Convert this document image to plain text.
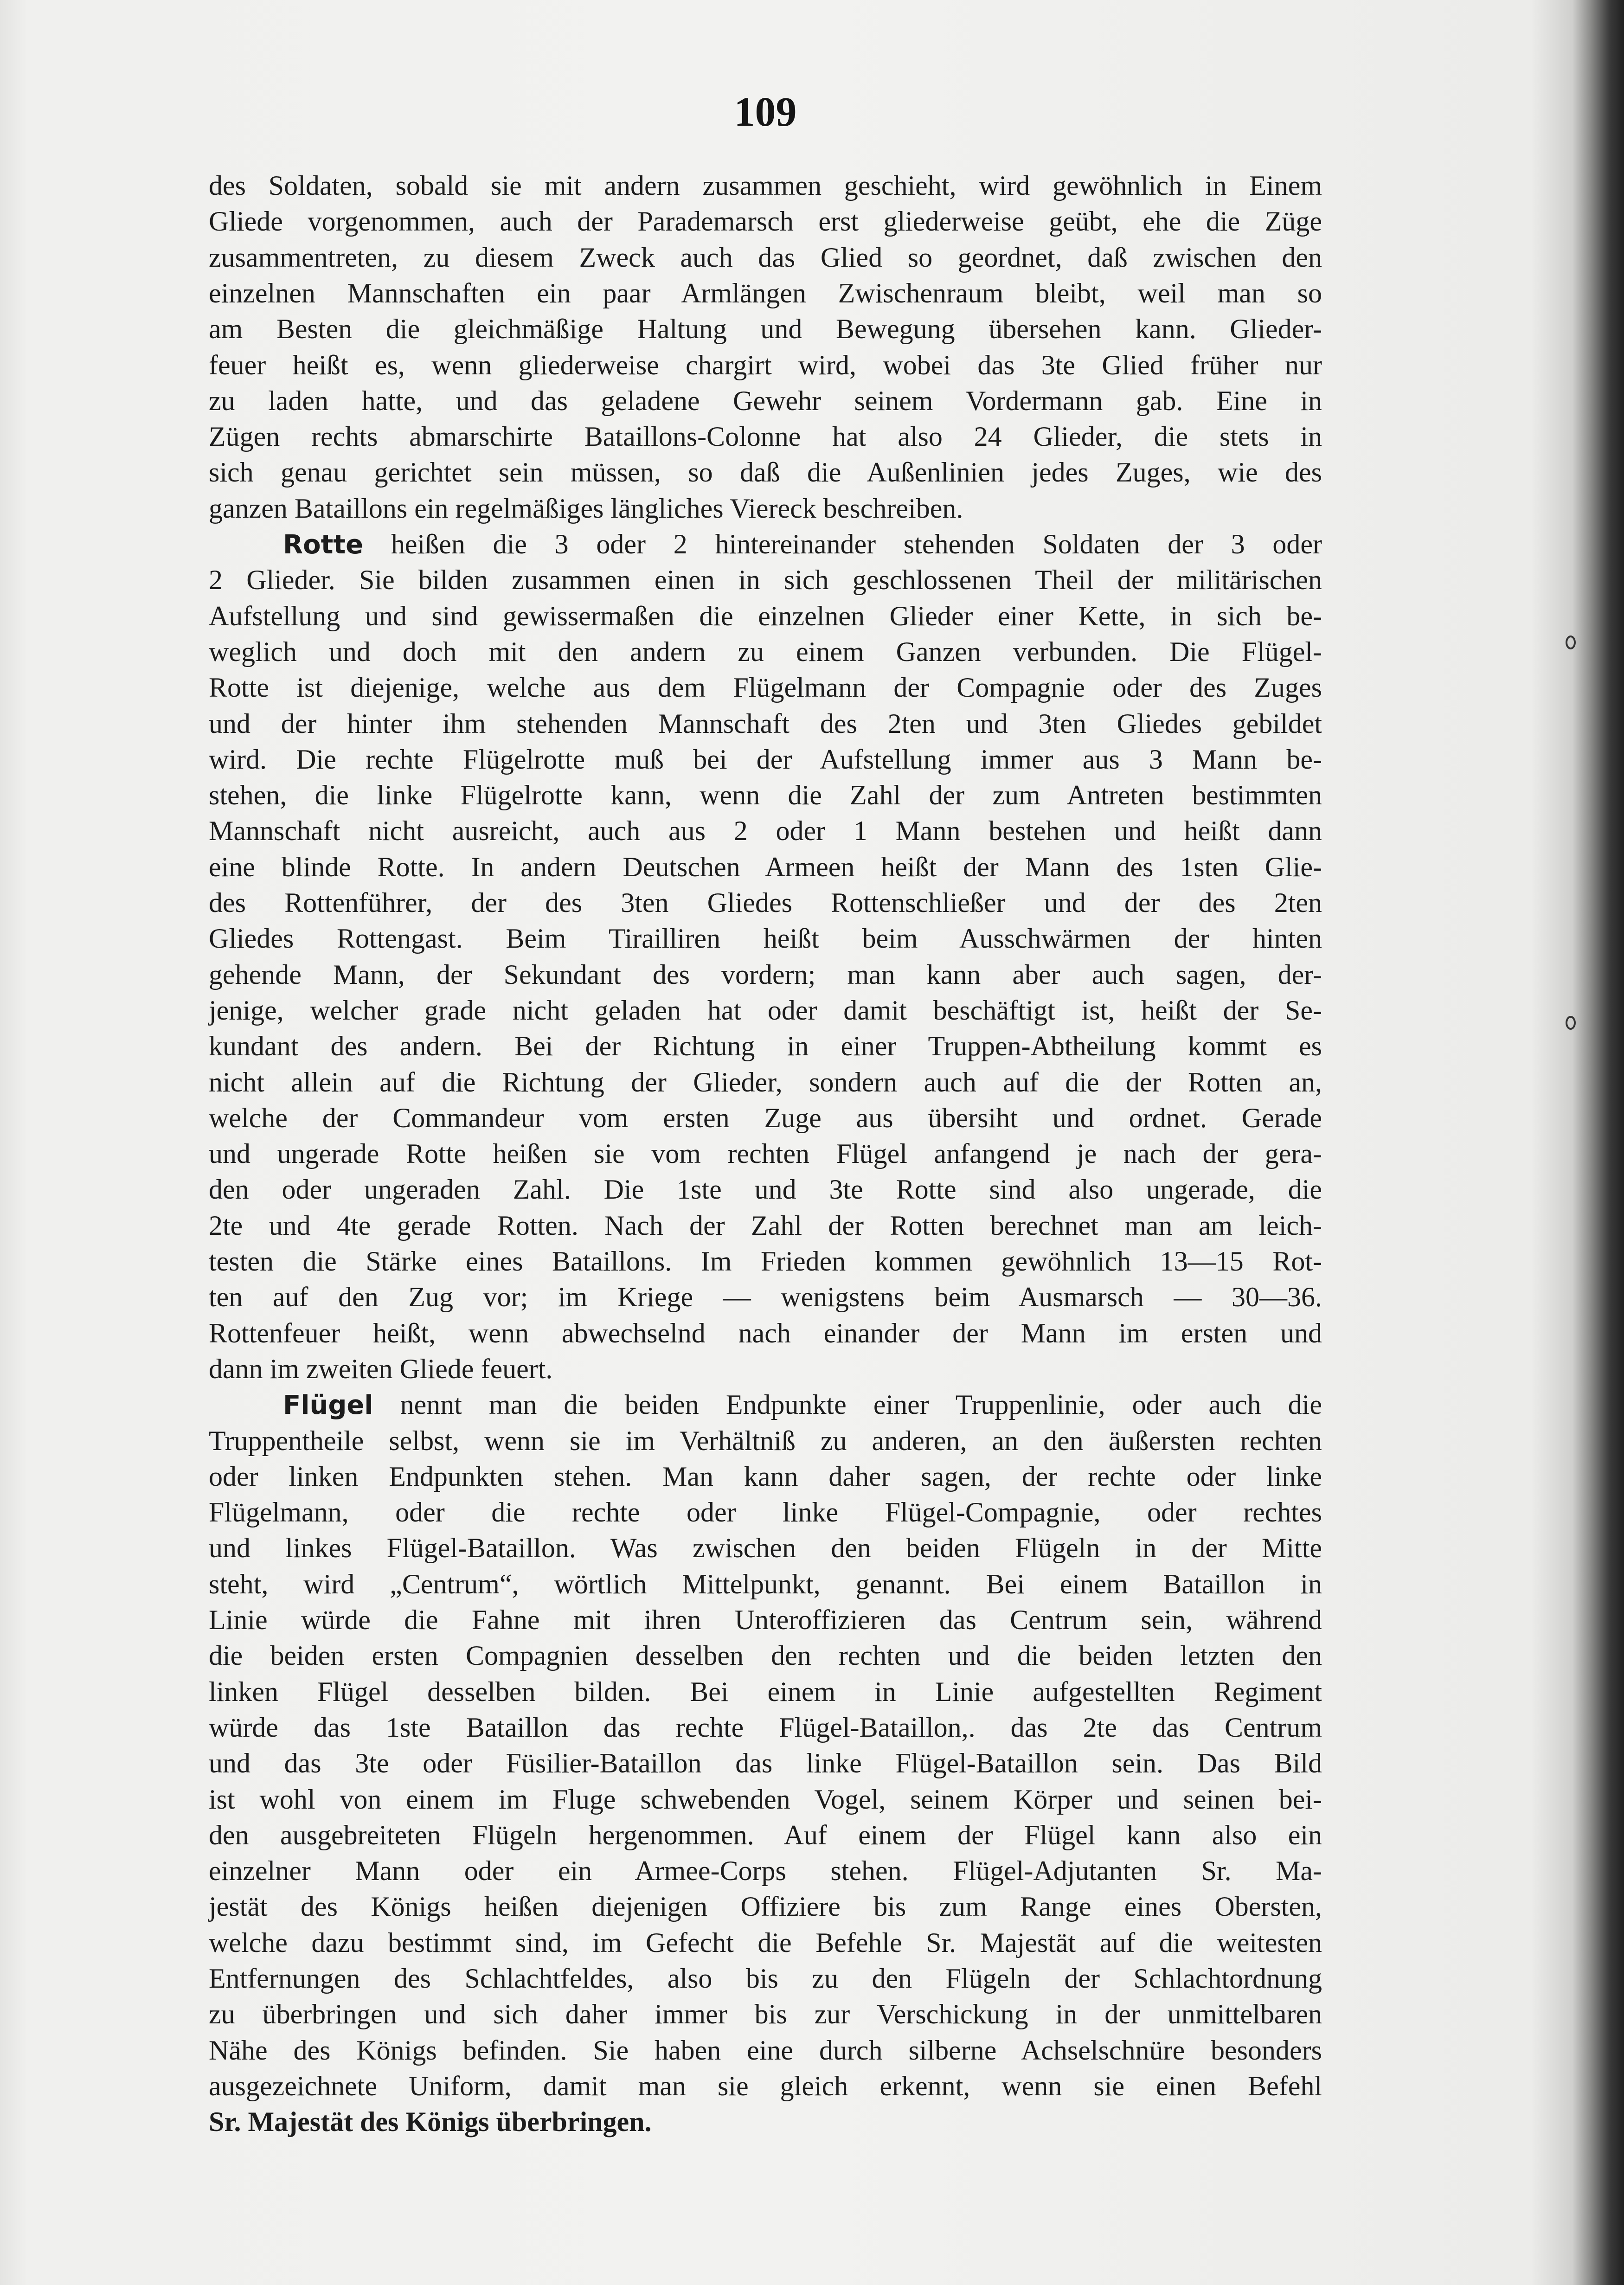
109
des Soldaten, sobald sie mit andern zusammen geschieht, wird gewöhnlich in Einem
Gliede vorgenommen, auch der Parademarsch erst gliederweise geübt, ehe die Züge
zusammentreten, zu diesem Zweck auch das Glied so geordnet, daß zwischen den
einzelnen Mannschaften ein paar Armlängen Zwischenraum bleibt, weil man so
am Besten die gleichmäßige Haltung und Bewegung übersehen kann. Glieder-
feuer heißt es, wenn gliederweise chargirt wird, wobei das 3te Glied früher nur
zu laden hatte, und das geladene Gewehr seinem Vordermann gab. Eine in
Zügen rechts abmarschirte Bataillons-Colonne hat also 24 Glieder, die stets in
sich genau gerichtet sein müssen, so daß die Außenlinien jedes Zuges, wie des
ganzen Bataillons ein regelmäßiges längliches Viereck beschreiben.
Rotte heißen die 3 oder 2 hintereinander stehenden Soldaten der 3 oder
2 Glieder. Sie bilden zusammen einen in sich geschlossenen Theil der militärischen
Aufstellung und sind gewissermaßen die einzelnen Glieder einer Kette, in sich be-
weglich und doch mit den andern zu einem Ganzen verbunden. Die Flügel-
Rotte ist diejenige, welche aus dem Flügelmann der Compagnie oder des Zuges
und der hinter ihm stehenden Mannschaft des 2ten und 3ten Gliedes gebildet
wird. Die rechte Flügelrotte muß bei der Aufstellung immer aus 3 Mann be-
stehen, die linke Flügelrotte kann, wenn die Zahl der zum Antreten bestimmten
Mannschaft nicht ausreicht, auch aus 2 oder 1 Mann bestehen und heißt dann
eine blinde Rotte. In andern Deutschen Armeen heißt der Mann des 1sten Glie-
des Rottenführer, der des 3ten Gliedes Rottenschließer und der des 2ten
Gliedes Rottengast. Beim Tirailliren heißt beim Ausschwärmen der hinten
gehende Mann, der Sekundant des vordern; man kann aber auch sagen, der-
jenige, welcher grade nicht geladen hat oder damit beschäftigt ist, heißt der Se-
kundant des andern. Bei der Richtung in einer Truppen-Abtheilung kommt es
nicht allein auf die Richtung der Glieder, sondern auch auf die der Rotten an,
welche der Commandeur vom ersten Zuge aus übersiht und ordnet. Gerade
und ungerade Rotte heißen sie vom rechten Flügel anfangend je nach der gera-
den oder ungeraden Zahl. Die 1ste und 3te Rotte sind also ungerade, die
2te und 4te gerade Rotten. Nach der Zahl der Rotten berechnet man am leich-
testen die Stärke eines Bataillons. Im Frieden kommen gewöhnlich 13—15 Rot-
ten auf den Zug vor; im Kriege — wenigstens beim Ausmarsch — 30—36.
Rottenfeuer heißt, wenn abwechselnd nach einander der Mann im ersten und
dann im zweiten Gliede feuert.
Flügel nennt man die beiden Endpunkte einer Truppenlinie, oder auch die
Truppentheile selbst, wenn sie im Verhältniß zu anderen, an den äußersten rechten
oder linken Endpunkten stehen. Man kann daher sagen, der rechte oder linke
Flügelmann, oder die rechte oder linke Flügel-Compagnie, oder rechtes
und linkes Flügel-Bataillon. Was zwischen den beiden Flügeln in der Mitte
steht, wird „Centrum“, wörtlich Mittelpunkt, genannt. Bei einem Bataillon in
Linie würde die Fahne mit ihren Unteroffizieren das Centrum sein, während
die beiden ersten Compagnien desselben den rechten und die beiden letzten den
linken Flügel desselben bilden. Bei einem in Linie aufgestellten Regiment
würde das 1ste Bataillon das rechte Flügel-Bataillon,. das 2te das Centrum
und das 3te oder Füsilier-Bataillon das linke Flügel-Bataillon sein. Das Bild
ist wohl von einem im Fluge schwebenden Vogel, seinem Körper und seinen bei-
den ausgebreiteten Flügeln hergenommen. Auf einem der Flügel kann also ein
einzelner Mann oder ein Armee-Corps stehen. Flügel-Adjutanten Sr. Ma-
jestät des Königs heißen diejenigen Offiziere bis zum Range eines Obersten,
welche dazu bestimmt sind, im Gefecht die Befehle Sr. Majestät auf die weitesten
Entfernungen des Schlachtfeldes, also bis zu den Flügeln der Schlachtordnung
zu überbringen und sich daher immer bis zur Verschickung in der unmittelbaren
Nähe des Königs befinden. Sie haben eine durch silberne Achselschnüre besonders
ausgezeichnete Uniform, damit man sie gleich erkennt, wenn sie einen Befehl
Sr. Majestät des Königs überbringen.
